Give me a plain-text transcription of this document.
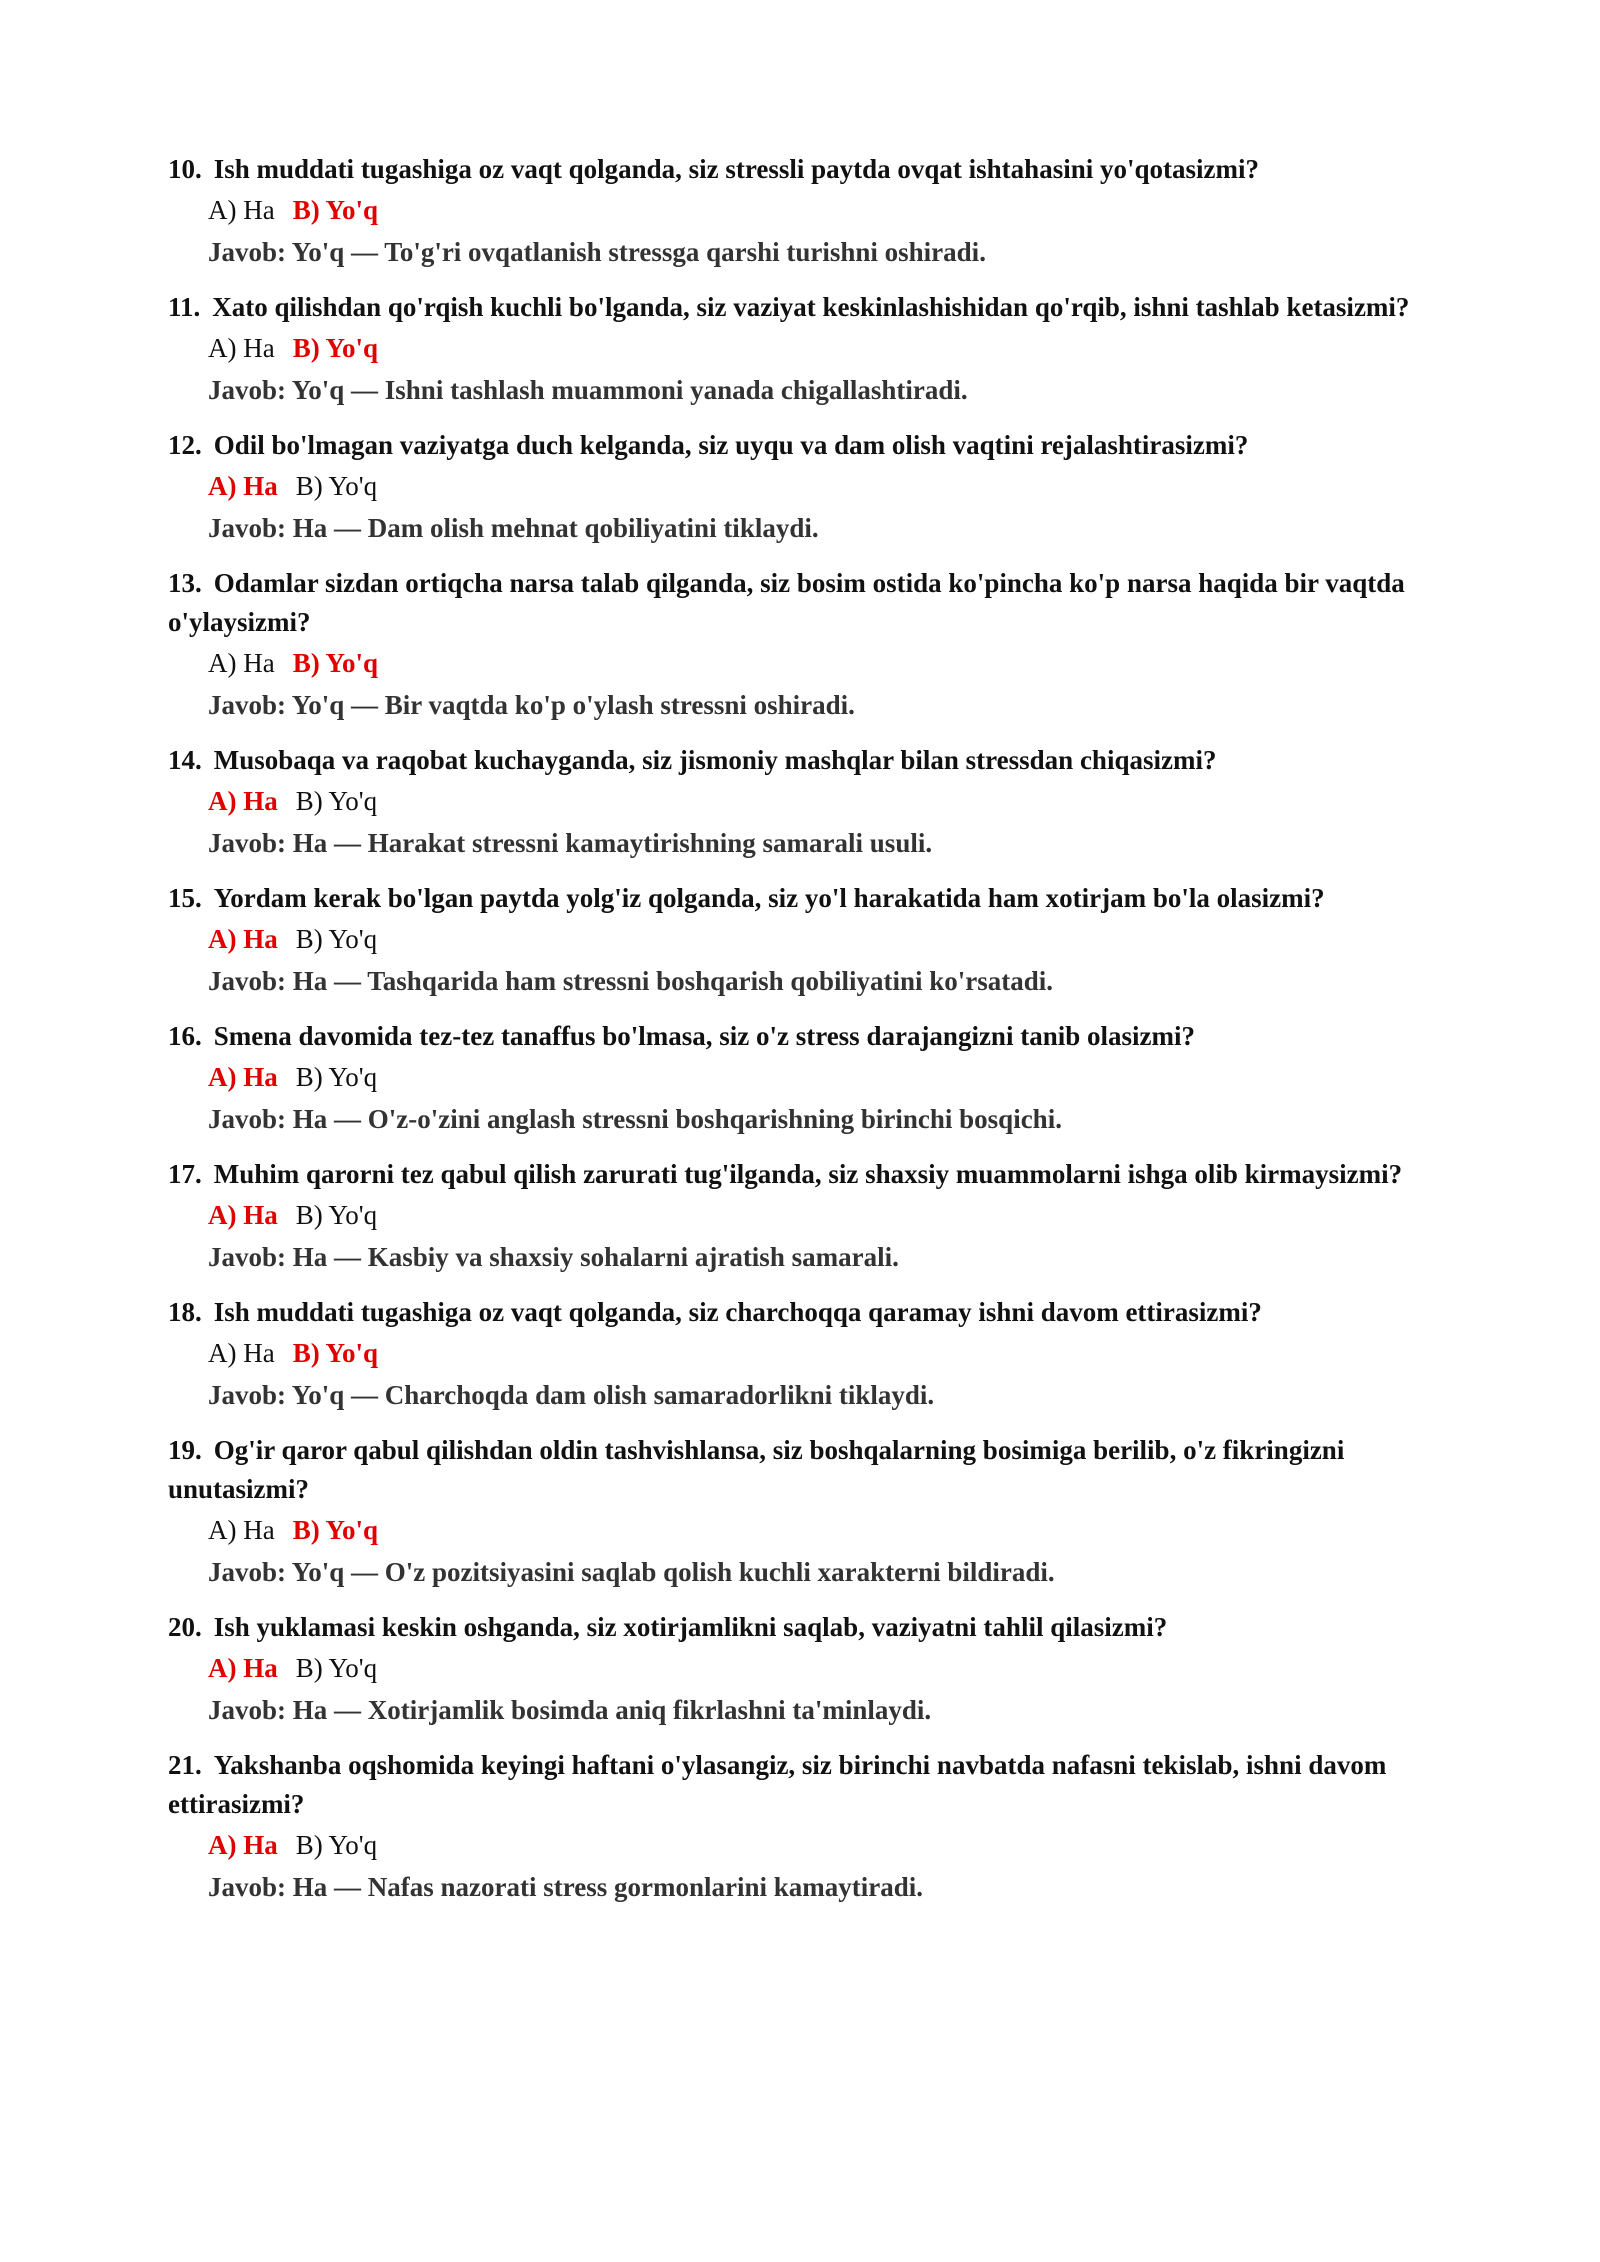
10. Ish muddati tugashiga oz vaqt qolganda, siz stressli paytda ovqat ishtahasini yo'qotasizmi?

A) Ha B) Yo'q
Javob: Yo'q — To'g'ri ovqatlanish stressga qarshi turishni oshiradi.

11. Xato qilishdan qo'rqish kuchli bo'lganda, siz vaziyat keskinlashishidan qo'rqib, ishni tashlab ketasizmi?

A) Ha B) Yo'q
Javob: Yo'q — Ishni tashlash muammoni yanada chigallashtiradi.

12. Odil bo'lmagan vaziyatga duch kelganda, siz uyqu va dam olish vaqtini rejalashtirasizmi?

A) Ha B) Yo'q
Javob: Ha — Dam olish mehnat qobiliyatini tiklaydi.

13. Odamlar sizdan ortiqcha narsa talab qilganda, siz bosim ostida ko'pincha ko'p narsa haqida bir vaqtda o'ylaysizmi?

A) Ha B) Yo'q
Javob: Yo'q — Bir vaqtda ko'p o'ylash stressni oshiradi.

14. Musobaqa va raqobat kuchayganda, siz jismoniy mashqlar bilan stressdan chiqasizmi?

A) Ha B) Yo'q
Javob: Ha — Harakat stressni kamaytirishning samarali usuli.

15. Yordam kerak bo'lgan paytda yolg'iz qolganda, siz yo'l harakatida ham xotirjam bo'la olasizmi?

A) Ha B) Yo'q
Javob: Ha — Tashqarida ham stressni boshqarish qobiliyatini ko'rsatadi.

16. Smena davomida tez-tez tanaffus bo'lmasa, siz o'z stress darajangizni tanib olasizmi?

A) Ha B) Yo'q
Javob: Ha — O'z-o'zini anglash stressni boshqarishning birinchi bosqichi.

17. Muhim qarorni tez qabul qilish zarurati tug'ilganda, siz shaxsiy muammolarni ishga olib kirmaysizmi?

A) Ha B) Yo'q
Javob: Ha — Kasbiy va shaxsiy sohalarni ajratish samarali.

18. Ish muddati tugashiga oz vaqt qolganda, siz charchoqqa qaramay ishni davom ettirasizmi?

A) Ha B) Yo'q
Javob: Yo'q — Charchoqda dam olish samaradorlikni tiklaydi.

19. Og'ir qaror qabul qilishdan oldin tashvishlansa, siz boshqalarning bosimiga berilib, o'z fikringizni unutasizmi?

A) Ha B) Yo'q
Javob: Yo'q — O'z pozitsiyasini saqlab qolish kuchli xarakterni bildiradi.

20. Ish yuklamasi keskin oshganda, siz xotirjamlikni saqlab, vaziyatni tahlil qilasizmi?

A) Ha B) Yo'q
Javob: Ha — Xotirjamlik bosimda aniq fikrlashni ta'minlaydi.

21. Yakshanba oqshomida keyingi haftani o'ylasangiz, siz birinchi navbatda nafasni tekislab, ishni davom ettirasizmi?

A) Ha B) Yo'q
Javob: Ha — Nafas nazorati stress gormonlarini kamaytiradi.
